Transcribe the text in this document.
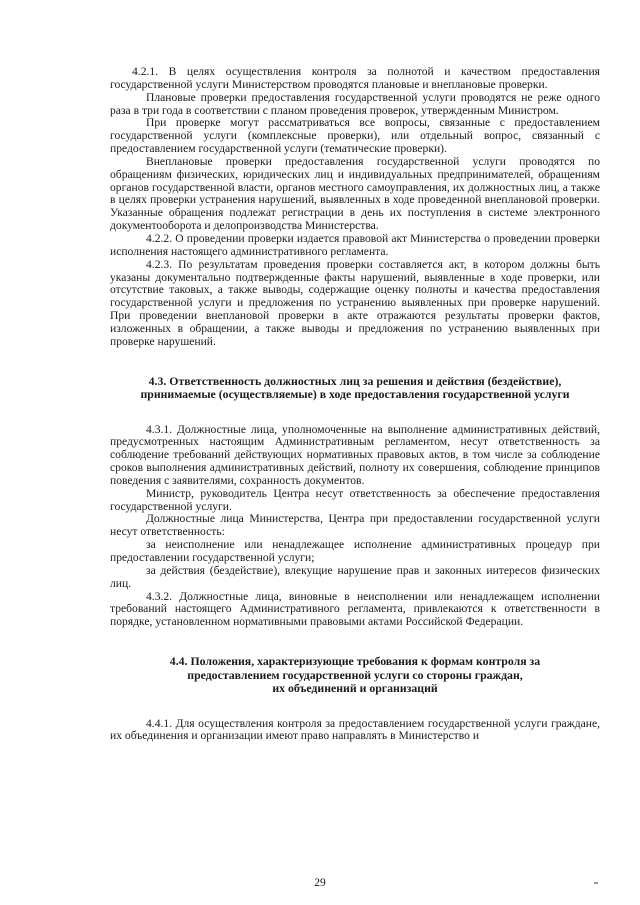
4.2.1. В целях осуществления контроля за полнотой и качеством предоставления государственной услуги Министерством проводятся плановые и внеплановые проверки.

Плановые проверки предоставления государственной услуги проводятся не реже одного раза в три года в соответствии с планом проведения проверок, утвержденным Министром.

При проверке могут рассматриваться все вопросы, связанные с предоставлением государственной услуги (комплексные проверки), или отдельный вопрос, связанный с предоставлением государственной услуги (тематические проверки).

Внеплановые проверки предоставления государственной услуги проводятся по обращениям физических, юридических лиц и индивидуальных предпринимателей, обращениям органов государственной власти, органов местного самоуправления, их должностных лиц, а также в целях проверки устранения нарушений, выявленных в ходе проведенной внеплановой проверки. Указанные обращения подлежат регистрации в день их поступления в системе электронного документооборота и делопроизводства Министерства.

4.2.2. О проведении проверки издается правовой акт Министерства о проведении проверки исполнения настоящего административного регламента.

4.2.3. По результатам проведения проверки составляется акт, в котором должны быть указаны документально подтвержденные факты нарушений, выявленные в ходе проверки, или отсутствие таковых, а также выводы, содержащие оценку полноты и качества предоставления государственной услуги и предложения по устранению выявленных при проверке нарушений. При проведении внеплановой проверки в акте отражаются результаты проверки фактов, изложенных в обращении, а также выводы и предложения по устранению выявленных при проверке нарушений.

4.3. Ответственность должностных лиц за решения и действия (бездействие), принимаемые (осуществляемые) в ходе предоставления государственной услуги

4.3.1. Должностные лица, уполномоченные на выполнение административных действий, предусмотренных настоящим Административным регламентом, несут ответственность за соблюдение требований действующих нормативных правовых актов, в том числе за соблюдение сроков выполнения административных действий, полноту их совершения, соблюдение принципов поведения с заявителями, сохранность документов.

Министр, руководитель Центра несут ответственность за обеспечение предоставления государственной услуги.

Должностные лица Министерства, Центра при предоставлении государственной услуги несут ответственность:

за неисполнение или ненадлежащее исполнение административных процедур при предоставлении государственной услуги;

за действия (бездействие), влекущие нарушение прав и законных интересов физических лиц.

4.3.2. Должностные лица, виновные в неисполнении или ненадлежащем исполнении требований настоящего Административного регламента, привлекаются к ответственности в порядке, установленном нормативными правовыми актами Российской Федерации.

4.4. Положения, характеризующие требования к формам контроля за

предоставлением государственной услуги со стороны граждан,

их объединений и организаций

4.4.1. Для осуществления контроля за предоставлением государственной услуги граждане, их объединения и организации имеют право направлять в Министерство и

29
